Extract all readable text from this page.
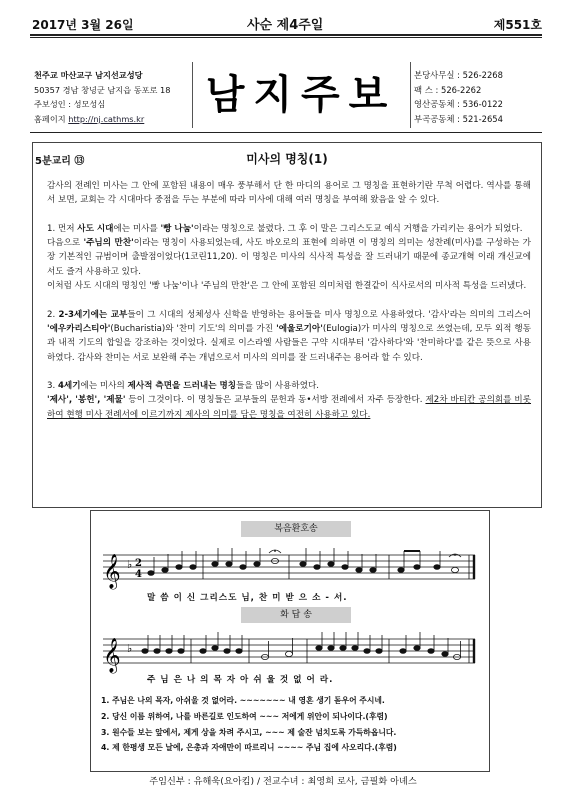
2017년 3월 26일	사순 제4주일	제551호
천주교 마산교구 남지선교성당
50357 경남 창녕군 남지읍 동포로 18
주보성인 : 성모성심
홈페이지 http://nj.cathms.kr
남지주보	본당사무실 : 526-2268
팩 스 : 526-2262
영산공동체 : 536-0122
부곡공동체 : 521-2654
5분교리 ⑬	미사의 명칭(1)

감사의 전례인 미사는 그 안에 포함된 내용이 매우 풍부해서 단 한 마디의 용어로 그 명칭을 표현하기란 무척 어렵다. 역사를 통해서 보면, 교회는 각 시대마다 중점을 두는 부분에 따라 미사에 대해 여러 명칭을 부여해 왔음을 알 수 있다.

1. 먼저 사도 시대에는 미사를 '빵 나눔'이라는 명칭으로 불렸다. 그 후 이 말은 그리스도교 예식 거행을 가리키는 용어가 되었다.
다음으로 '주님의 만찬'이라는 명칭이 사용되었는데, 사도 바오로의 표현에 의하면 이 명칭의 의미는 성찬례(미사)를 구성하는 가장 기본적인 규범이며 출발점이었다(1코린11,20). 이 명칭은 미사의 식사적 특성을 잘 드러내기 때문에 종교개혁 이래 개신교에서도 즐겨 사용하고 있다.
이처럼 사도 시대의 명칭인 '빵 나눔'이나 '주님의 만찬'은 그 안에 포함된 의미처럼 한결같이 식사로서의 미사적 특성을 드러냈다.

2. 2-3세기에는 교부들이 그 시대의 성체성사 신학을 반영하는 용어들을 미사 명칭으로 사용하였다. '감사'라는 의미의 그리스어 '에우카리스티아'(Bucharistia)와 '찬미 기도'의 의미를 가진 '에울로기아'(Eulogia)가 미사의 명칭으로 쓰였는데, 모두 외적 행동과 내적 기도의 합일을 강조하는 것이었다. 실제로 이스라엘 사람들은 구약 시대부터 '감사하다'와 '찬미하다'를 같은 뜻으로 사용하였다. 감사와 찬미는 서로 보완해 주는 개념으로서 미사의 의미를 잘 드러내주는 용어라 할 수 있다.

3. 4세기에는 미사의 제사적 측면을 드러내는 명칭들을 많이 사용하였다.
'제사', '봉헌', '제물' 등이 그것이다. 이 명칭들은 교부들의 문헌과 동•서방 전례에서 자주 등장한다. 제2차 바티칸 공의회를 비롯하여 현행 미사 전례서에 이르기까지 제사의 의미를 담은 명칭을 여전히 사용하고 있다.

복음환호송
𝄞 ♭ 2
4
말 씀 이 신 그리스도 님, 찬 미 받 으 소 - 서.
화 답 송
𝄞 ♭
주 님 은 나 의 목 자 아 쉬 울 것 없 어 라.
1. 주님은 나의 목자, 아쉬울 것 없어라. ~~~~~~~ 내 영혼 생기 돋우어 주시네.
2. 당신 이름 위하여, 나를 바른길로 인도하여 ~~~ 저에게 위안이 되나이다.(후렴)
3. 원수들 보는 앞에서, 제게 상을 차려 주시고, ~~~ 제 술잔 넘치도록 가득하옵니다.
4. 제 한평생 모든 날에, 은총과 자애만이 따르리니 ~~~~ 주님 집에 사오리다.(후렴)
주임신부 : 유해욱(요아킴) / 전교수녀 : 최영희 로사, 금필화 아녜스
